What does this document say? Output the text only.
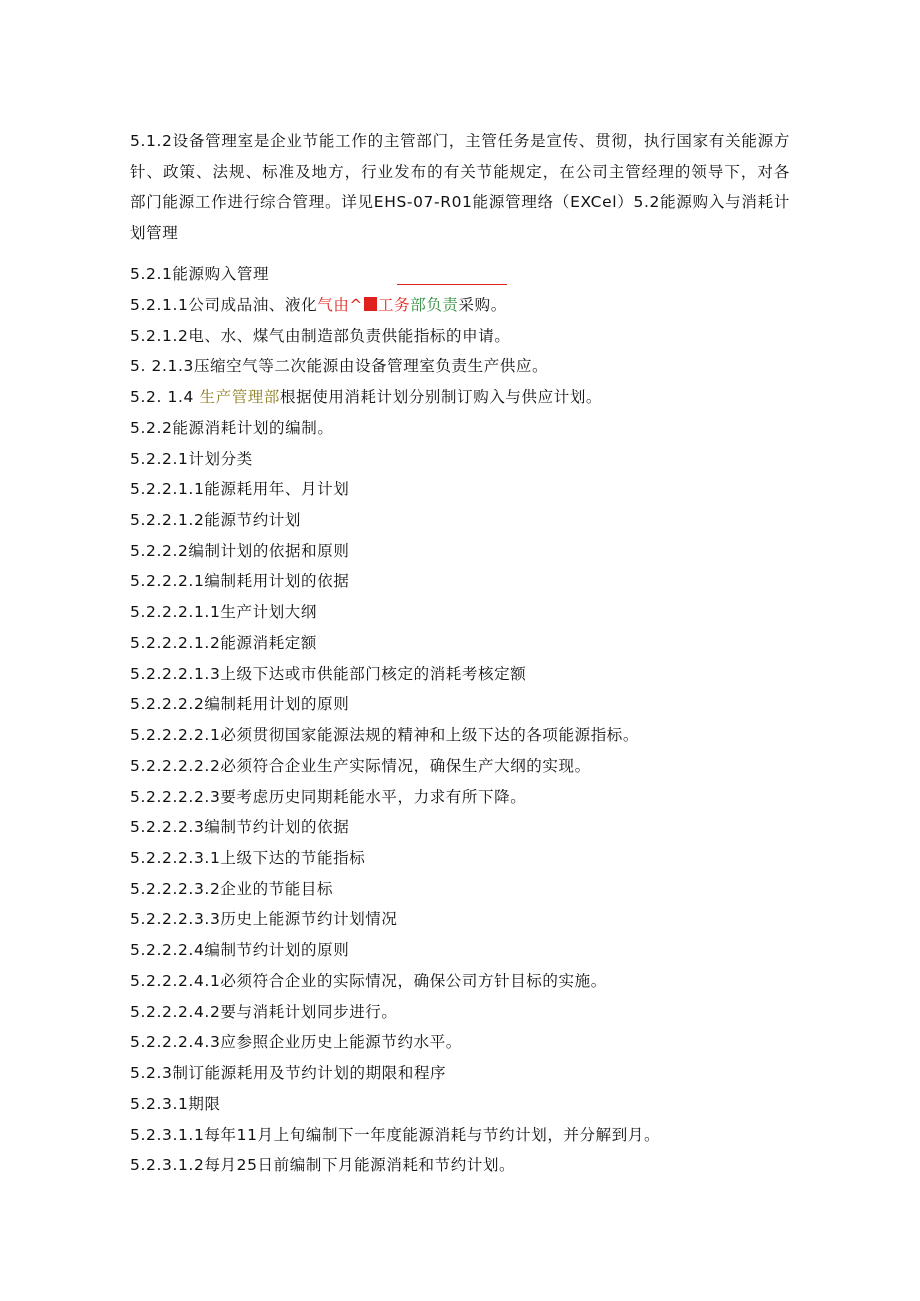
5.1.2设备管理室是企业节能工作的主管部门，主管任务是宣传、贯彻，执行国家有关能源方针、政策、法规、标准及地方，行业发布的有关节能规定，在公司主管经理的领导下，对各部门能源工作进行综合管理。详见EHS-07-R01能源管理络（EXCel）5.2能源购入与消耗计划管理
5.2.1能源购入管理
5.2.1.1公司成品油、液化气由^ 工务部负责采购。
5.2.1.2电、水、煤气由制造部负责供能指标的申请。
5. 2.1.3压缩空气等二次能源由设备管理室负责生产供应。
5.2. 1.4 生产管理部根据使用消耗计划分别制订购入与供应计划。
5.2.2能源消耗计划的编制。
5.2.2.1计划分类
5.2.2.1.1能源耗用年、月计划
5.2.2.1.2能源节约计划
5.2.2.2编制计划的依据和原则
5.2.2.2.1编制耗用计划的依据
5.2.2.2.1.1生产计划大纲
5.2.2.2.1.2能源消耗定额
5.2.2.2.1.3上级下达或市供能部门核定的消耗考核定额
5.2.2.2.2编制耗用计划的原则
5.2.2.2.2.1必须贯彻国家能源法规的精神和上级下达的各项能源指标。
5.2.2.2.2.2必须符合企业生产实际情况，确保生产大纲的实现。
5.2.2.2.2.3要考虑历史同期耗能水平，力求有所下降。
5.2.2.2.3编制节约计划的依据
5.2.2.2.3.1上级下达的节能指标
5.2.2.2.3.2企业的节能目标
5.2.2.2.3.3历史上能源节约计划情况
5.2.2.2.4编制节约计划的原则
5.2.2.2.4.1必须符合企业的实际情况，确保公司方针目标的实施。
5.2.2.2.4.2要与消耗计划同步进行。
5.2.2.2.4.3应参照企业历史上能源节约水平。
5.2.3制订能源耗用及节约计划的期限和程序
5.2.3.1期限
5.2.3.1.1每年11月上旬编制下一年度能源消耗与节约计划，并分解到月。
5.2.3.1.2每月25日前编制下月能源消耗和节约计划。
